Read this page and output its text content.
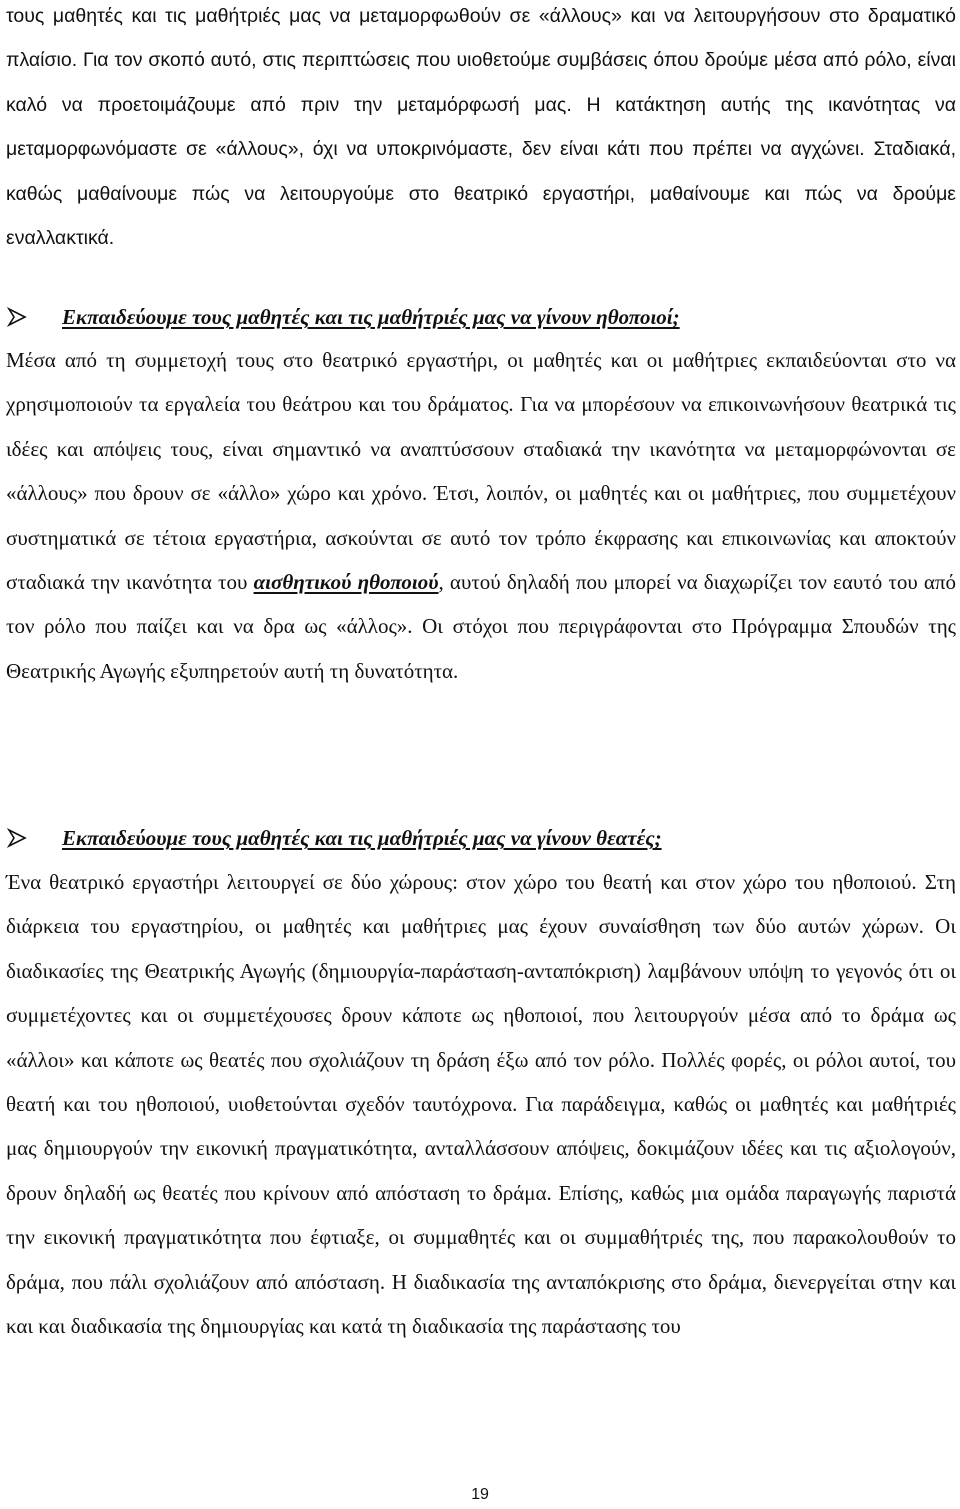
τους μαθητές και τις μαθήτριές μας να μεταμορφωθούν σε «άλλους» και να λειτουργήσουν στο δραματικό πλαίσιο. Για τον σκοπό αυτό, στις περιπτώσεις που υιοθετούμε συμβάσεις όπου δρούμε μέσα από ρόλο, είναι καλό να προετοιμάζουμε από πριν την μεταμόρφωσή μας. Η κατάκτηση αυτής της ικανότητας να μεταμορφωνόμαστε σε «άλλους», όχι να υποκρινόμαστε, δεν είναι κάτι που πρέπει να αγχώνει. Σταδιακά, καθώς μαθαίνουμε πώς να λειτουργούμε στο θεατρικό εργαστήρι, μαθαίνουμε και πώς να δρούμε εναλλακτικά.

Εκπαιδεύουμε τους μαθητές και τις μαθήτριές μας να γίνουν ηθοποιοί;

Μέσα από τη συμμετοχή τους στο θεατρικό εργαστήρι, οι μαθητές και οι μαθήτριες εκπαιδεύονται στο να χρησιμοποιούν τα εργαλεία του θεάτρου και του δράματος. Για να μπορέσουν να επικοινωνήσουν θεατρικά τις ιδέες και απόψεις τους, είναι σημαντικό να αναπτύσσουν σταδιακά την ικανότητα να μεταμορφώνονται σε «άλλους» που δρουν σε «άλλο» χώρο και χρόνο. Έτσι, λοιπόν, οι μαθητές και οι μαθήτριες, που συμμετέχουν συστηματικά σε τέτοια εργαστήρια, ασκούνται σε αυτό τον τρόπο έκφρασης και επικοινωνίας και αποκτούν σταδιακά την ικανότητα του αισθητικού ηθοποιού, αυτού δηλαδή που μπορεί να διαχωρίζει τον εαυτό του από τον ρόλο που παίζει και να δρα ως «άλλος». Οι στόχοι που περιγράφονται στο Πρόγραμμα Σπουδών της Θεατρικής Αγωγής εξυπηρετούν αυτή τη δυνατότητα.

Εκπαιδεύουμε τους μαθητές και τις μαθήτριές μας να γίνουν θεατές;

Ένα θεατρικό εργαστήρι λειτουργεί σε δύο χώρους: στον χώρο του θεατή και στον χώρο του ηθοποιού. Στη διάρκεια του εργαστηρίου, οι μαθητές και μαθήτριες μας έχουν συναίσθηση των δύο αυτών χώρων. Οι διαδικασίες της Θεατρικής Αγωγής (δημιουργία-παράσταση-ανταπόκριση) λαμβάνουν υπόψη το γεγονός ότι οι συμμετέχοντες και οι συμμετέχουσες δρουν κάποτε ως ηθοποιοί, που λειτουργούν μέσα από το δράμα ως «άλλοι» και κάποτε ως θεατές που σχολιάζουν τη δράση έξω από τον ρόλο. Πολλές φορές, οι ρόλοι αυτοί, του θεατή και του ηθοποιού, υιοθετούνται σχεδόν ταυτόχρονα. Για παράδειγμα, καθώς οι μαθητές και μαθήτριές μας δημιουργούν την εικονική πραγματικότητα, ανταλλάσσουν απόψεις, δοκιμάζουν ιδέες και τις αξιολογούν, δρουν δηλαδή ως θεατές που κρίνουν από απόσταση το δράμα. Επίσης, καθώς μια ομάδα παραγωγής παριστά την εικονική πραγματικότητα που έφτιαξε, οι συμμαθητές και οι συμμαθήτριές της, που παρακολουθούν το δράμα, που πάλι σχολιάζουν από απόσταση. Η διαδικασία της ανταπόκρισης στο δράμα, διενεργείται στην και και και διαδικασία της δημιουργίας και κατά τη διαδικασία της παράστασης του

19
